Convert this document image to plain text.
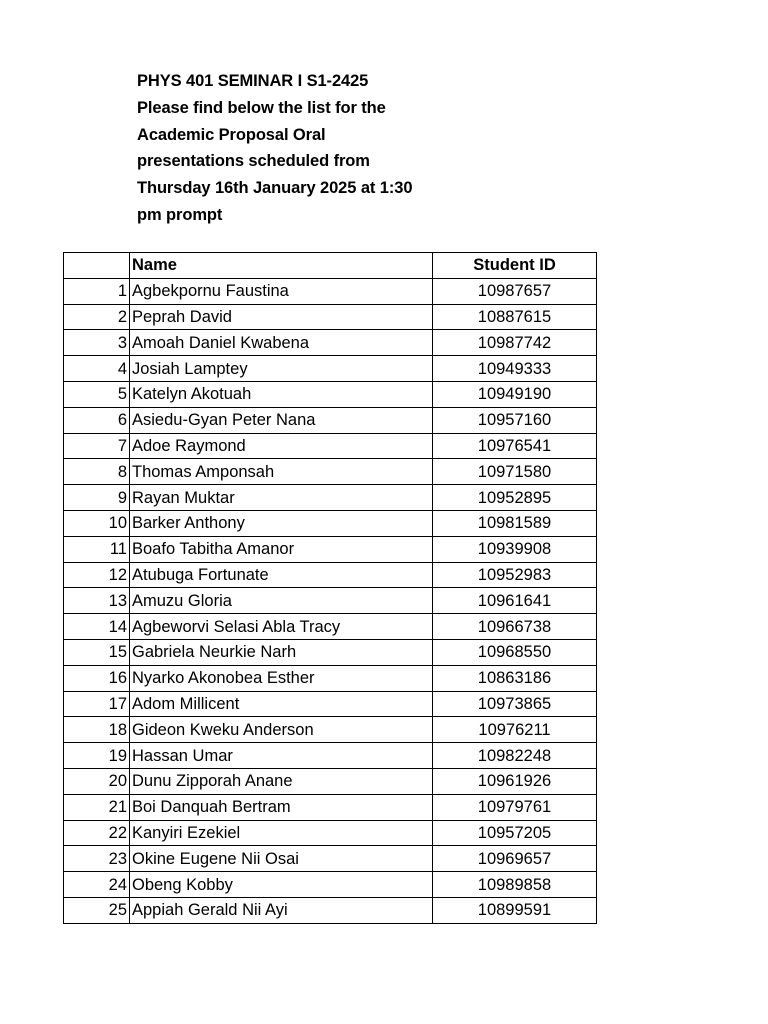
PHYS 401 SEMINAR I S1-2425
Please find below the list for the
Academic Proposal Oral
presentations scheduled from
Thursday 16th January 2025 at 1:30
pm prompt
	Name	Student ID
1	Agbekpornu Faustina	10987657
2	Peprah David	10887615
3	Amoah Daniel Kwabena	10987742
4	Josiah Lamptey	10949333
5	Katelyn Akotuah	10949190
6	Asiedu-Gyan Peter Nana	10957160
7	Adoe Raymond	10976541
8	Thomas Amponsah	10971580
9	Rayan Muktar	10952895
10	Barker Anthony	10981589
11	Boafo Tabitha Amanor	10939908
12	Atubuga Fortunate	10952983
13	Amuzu Gloria	10961641
14	Agbeworvi Selasi Abla Tracy	10966738
15	Gabriela Neurkie Narh	10968550
16	Nyarko Akonobea Esther	10863186
17	Adom Millicent	10973865
18	Gideon Kweku Anderson	10976211
19	Hassan Umar	10982248
20	Dunu Zipporah Anane	10961926
21	Boi Danquah Bertram	10979761
22	Kanyiri Ezekiel	10957205
23	Okine Eugene Nii Osai	10969657
24	Obeng Kobby	10989858
25	Appiah Gerald Nii Ayi	10899591
